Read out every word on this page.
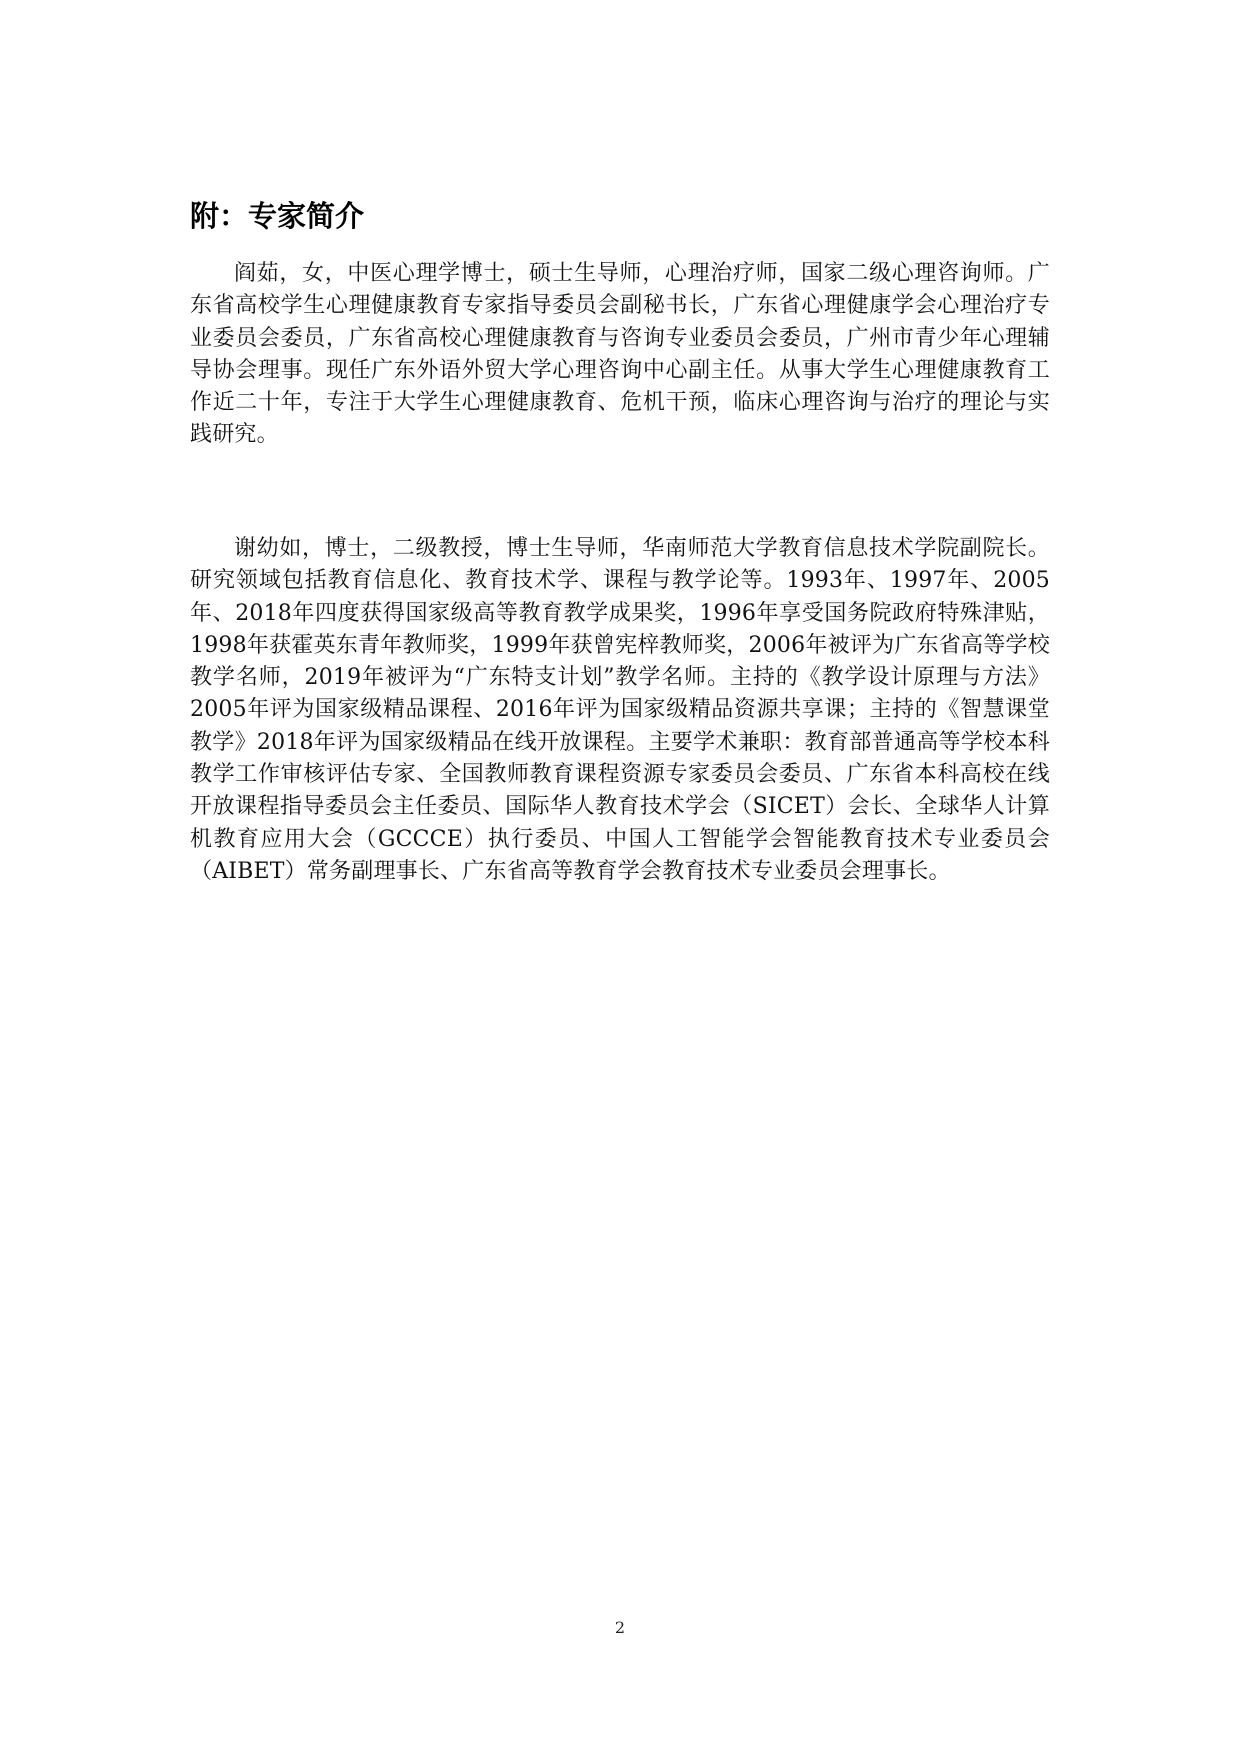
附：专家简介

阎茹，女，中医心理学博士，硕士生导师，心理治疗师，国家二级心理咨询师。广东省高校学生心理健康教育专家指导委员会副秘书长，广东省心理健康学会心理治疗专业委员会委员，广东省高校心理健康教育与咨询专业委员会委员，广州市青少年心理辅导协会理事。现任广东外语外贸大学心理咨询中心副主任。从事大学生心理健康教育工作近二十年，专注于大学生心理健康教育、危机干预，临床心理咨询与治疗的理论与实践研究。

谢幼如，博士，二级教授，博士生导师，华南师范大学教育信息技术学院副院长。研究领域包括教育信息化、教育技术学、课程与教学论等。1993年、1997年、2005年、2018年四度获得国家级高等教育教学成果奖，1996年享受国务院政府特殊津贴，1998年获霍英东青年教师奖，1999年获曾宪梓教师奖，2006年被评为广东省高等学校教学名师，2019年被评为“广东特支计划”教学名师。主持的《教学设计原理与方法》2005年评为国家级精品课程、2016年评为国家级精品资源共享课；主持的《智慧课堂教学》2018年评为国家级精品在线开放课程。主要学术兼职：教育部普通高等学校本科教学工作审核评估专家、全国教师教育课程资源专家委员会委员、广东省本科高校在线开放课程指导委员会主任委员、国际华人教育技术学会（SICET）会长、全球华人计算机教育应用大会（GCCCE）执行委员、中国人工智能学会智能教育技术专业委员会（AIBET）常务副理事长、广东省高等教育学会教育技术专业委员会理事长。

2
